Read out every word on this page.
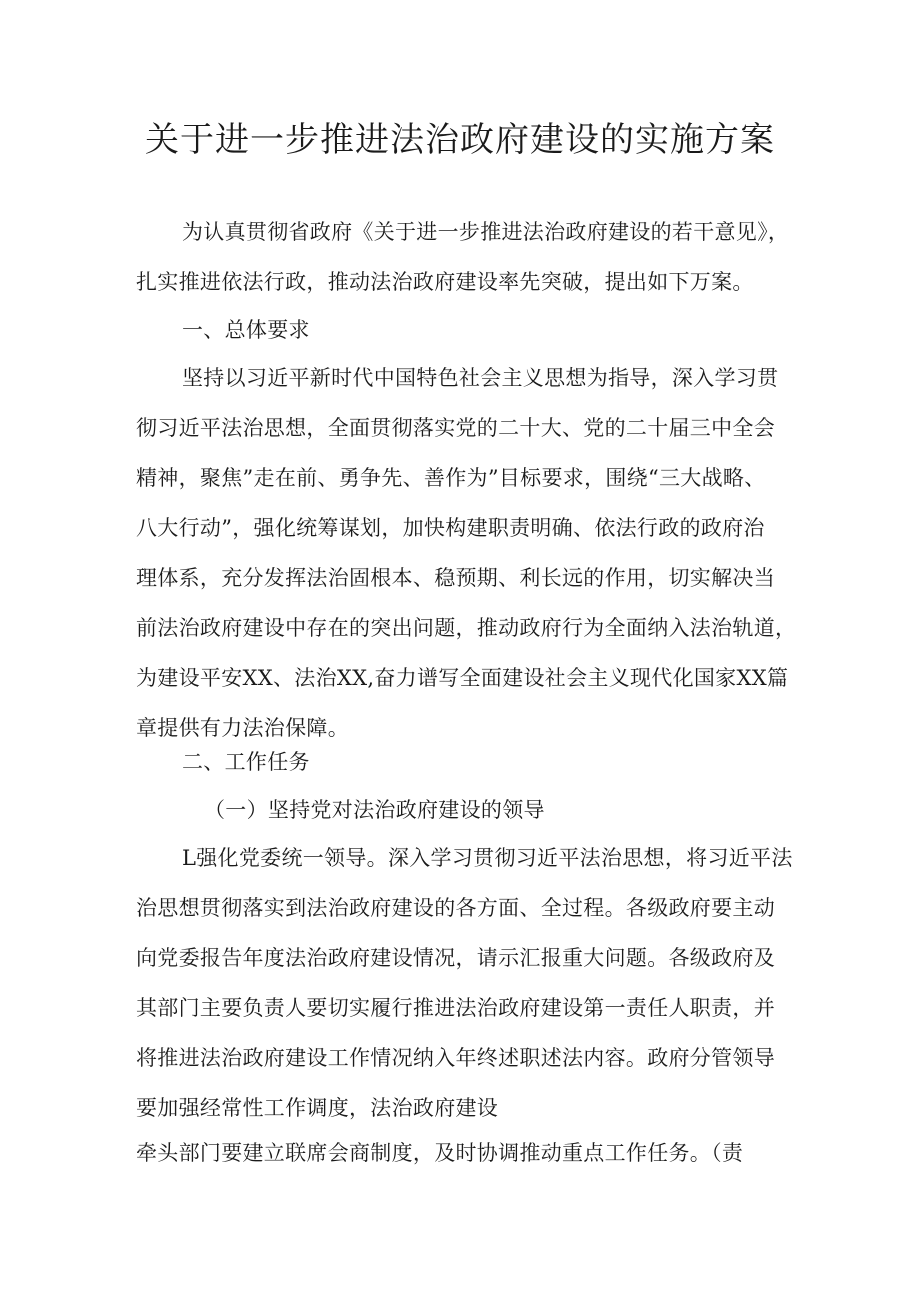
关于进一步推进法治政府建设的实施方案
为认真贯彻省政府《关于进一步推进法治政府建设的若干意见》，
扎实推进依法行政，推动法治政府建设率先突破，提出如下万案。
一、总体要求
坚持以习近平新时代中国特色社会主义思想为指导，深入学习贯
彻习近平法治思想，全面贯彻落实党的二十大、党的二十届三中全会
精神，聚焦”走在前、勇争先、善作为”目标要求，围绕“三大战略、
八大行动”，强化统筹谋划，加快构建职责明确、依法行政的政府治
理体系，充分发挥法治固根本、稳预期、利长远的作用，切实解决当
前法治政府建设中存在的突出问题，推动政府行为全面纳入法治轨道，
为建设平安XX、法治XX,奋力谱写全面建设社会主义现代化国家XX篇
章提供有力法治保障。
二、工作任务
（一）坚持党对法治政府建设的领导
L强化党委统一领导。深入学习贯彻习近平法治思想，将习近平法
治思想贯彻落实到法治政府建设的各方面、全过程。各级政府要主动
向党委报告年度法治政府建设情况，请示汇报重大问题。各级政府及
其部门主要负责人要切实履行推进法治政府建设第一责任人职责，并
将推进法治政府建设工作情况纳入年终述职述法内容。政府分管领导
要加强经常性工作调度，法治政府建设
牵头部门要建立联席会商制度，及时协调推动重点工作任务。（责
